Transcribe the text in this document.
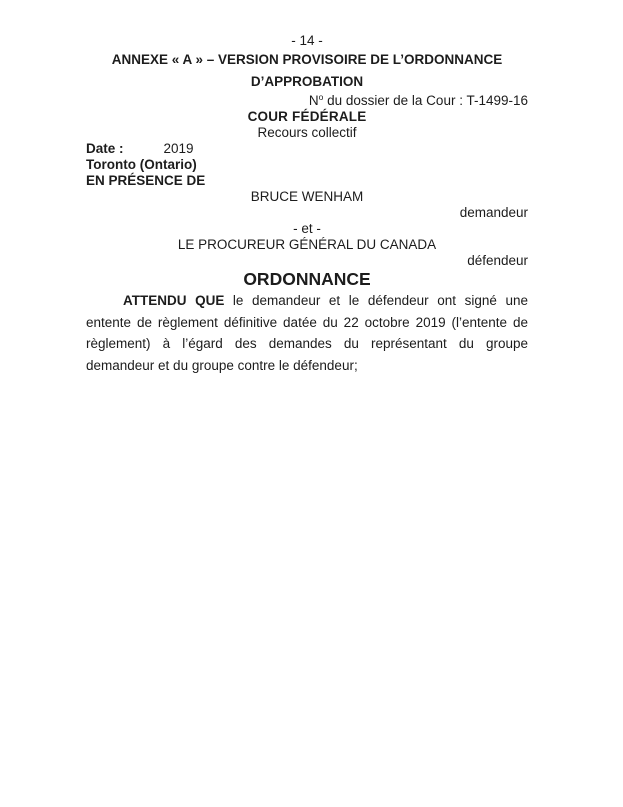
- 14 -
ANNEXE « A » – VERSION PROVISOIRE DE L’ORDONNANCE
D’APPROBATION
$N^o$ du dossier de la Cour : T-1499-16
COUR FÉDÉRALE
Recours collectif
Date :	2019
Toronto (Ontario)
EN PRÉSENCE DE
BRUCE WENHAM
demandeur
- et -
LE PROCUREUR GÉNÉRAL DU CANADA
défendeur
ORDONNANCE

ATTENDU QUE le demandeur et le défendeur ont signé une entente de règlement définitive datée du 22 octobre 2019 (l’entente de règlement) à l’égard des demandes du représentant du groupe demandeur et du groupe contre le défendeur;
